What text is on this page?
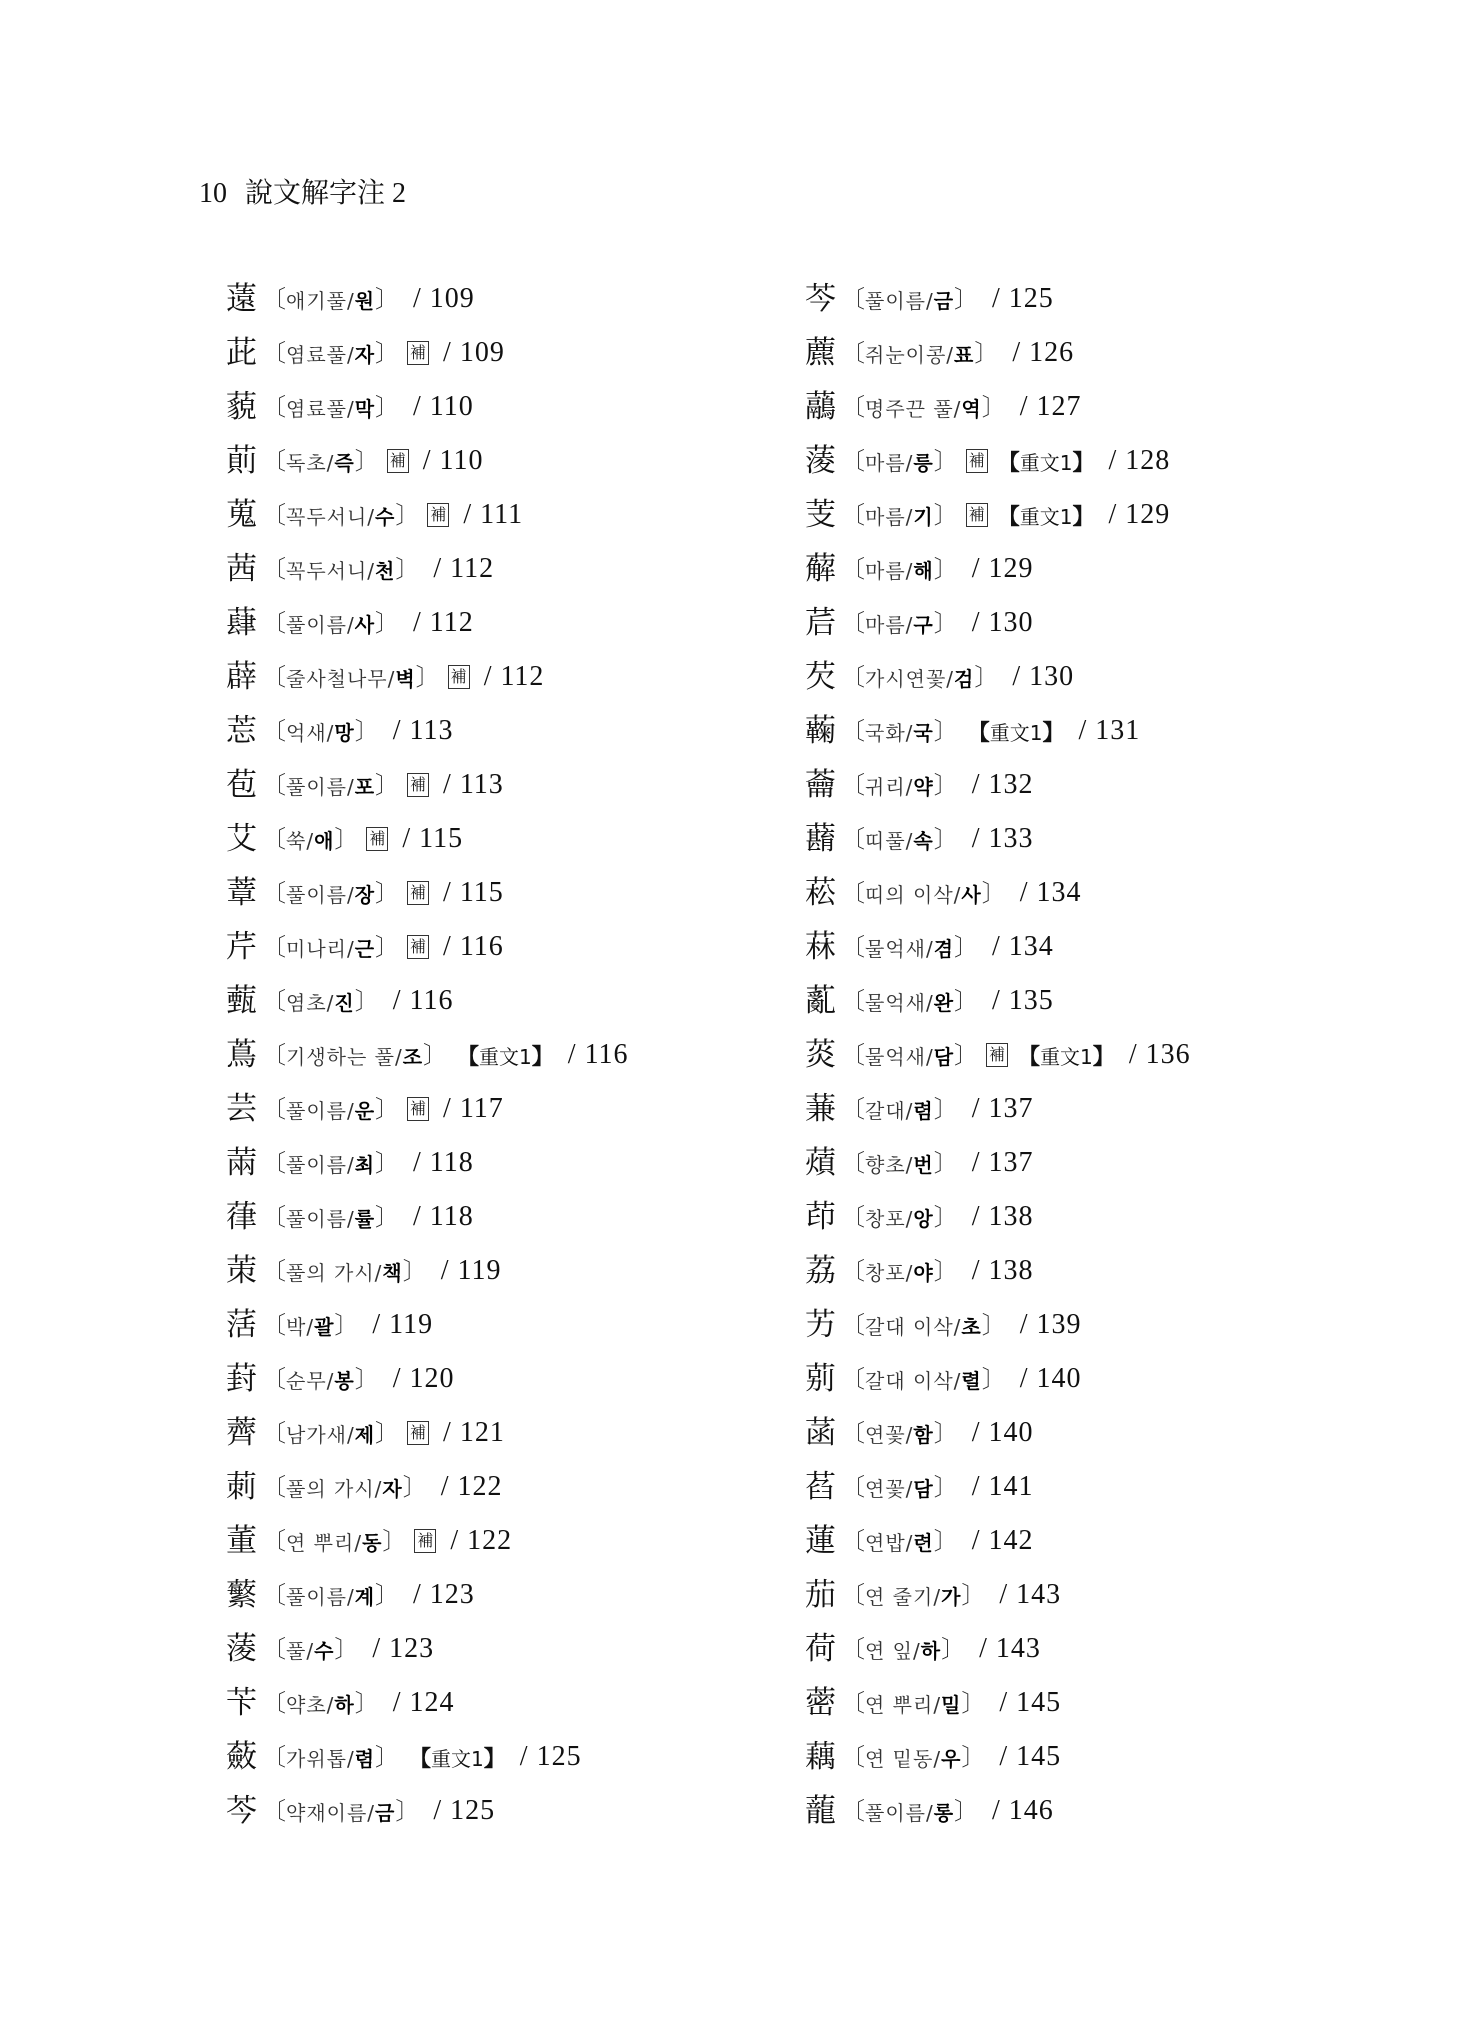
10 說文解字注 2
薳 〔 애기풀/ 원 〕 / 109
茈 〔 염료풀/ 자 〕 補 / 109
藐 〔 염료풀/ 막 〕 / 110
萴 〔 독초/ 즉 〕 補 / 110
蒐 〔 꼭두서니/ 수 〕 補 / 111
茜 〔 꼭두서니/ 천 〕 / 112
蕼 〔 풀이름/ 사 〕 / 112
薜 〔 줄사철나무/ 벽 〕 補 / 112
莣 〔 억새/ 망 〕 / 113
苞 〔 풀이름/ 포 〕 補 / 113
艾 〔 쑥/ 애 〕 補 / 115
蔁 〔 풀이름/ 장 〕 補 / 115
芹 〔 미나리/ 근 〕 補 / 116
薽 〔 염초/ 진 〕 / 116
蔦 〔 기생하는 풀/ 조 〕 【重文1】 / 116
芸 〔 풀이름/ 운 〕 補 / 117
䓣 〔 풀이름/ 최 〕 / 118
葎 〔 풀이름/ 률 〕 / 118
茦 〔 풀의 가시/ 책 〕 / 119
萿 〔 박/ 괄 〕 / 119
葑 〔 순무/ 봉 〕 / 120
薺 〔 남가새/ 제 〕 補 / 121
莿 〔 풀의 가시/ 자 〕 / 122
董 〔 연 뿌리/ 동 〕 補 / 122
蘩 〔 풀이름/ 계 〕 / 123
蔆 〔 풀/ 수 〕 / 123
苄 〔 약초/ 하 〕 / 124
蘞 〔 가위톱/ 렴 〕 【重文1】 / 125
芩 〔 약재이름/ 금 〕 / 125
芩 〔 풀이름/ 금 〕 / 125
藨 〔 쥐눈이콩/ 표 〕 / 126
虉 〔 명주끈 풀/ 역 〕 / 127
蔆 〔 마름/ 릉 〕 補 【重文1】 / 128
芰 〔 마름/ 기 〕 補 【重文1】 / 129
薢 〔 마름/ 해 〕 / 129
茩 〔 마름/ 구 〕 / 130
芡 〔 가시연꽃/ 검 〕 / 130
蘜 〔 국화/ 국 〕 【重文1】 / 131
蘥 〔 귀리/ 약 〕 / 132
蘛 〔 띠풀/ 속 〕 / 133
菘 〔 띠의 이삭/ 사 〕 / 134
菻 〔 물억새/ 겸 〕 / 134
薍 〔 물억새/ 완 〕 / 135
菼 〔 물억새/ 담 〕 補 【重文1】 / 136
蒹 〔 갈대/ 렴 〕 / 137
薠 〔 향초/ 번 〕 / 137
茚 〔 창포/ 앙 〕 / 138
荔 〔 창포/ 야 〕 / 138
艻 〔 갈대 이삭/ 초 〕 / 139
莂 〔 갈대 이삭/ 렬 〕 / 140
菡 〔 연꽃/ 함 〕 / 140
萏 〔 연꽃/ 담 〕 / 141
蓮 〔 연밥/ 련 〕 / 142
茄 〔 연 줄기/ 가 〕 / 143
荷 〔 연 잎/ 하 〕 / 143
蔤 〔 연 뿌리/ 밀 〕 / 145
藕 〔 연 밑동/ 우 〕 / 145
蘢 〔 풀이름/ 롱 〕 / 146
